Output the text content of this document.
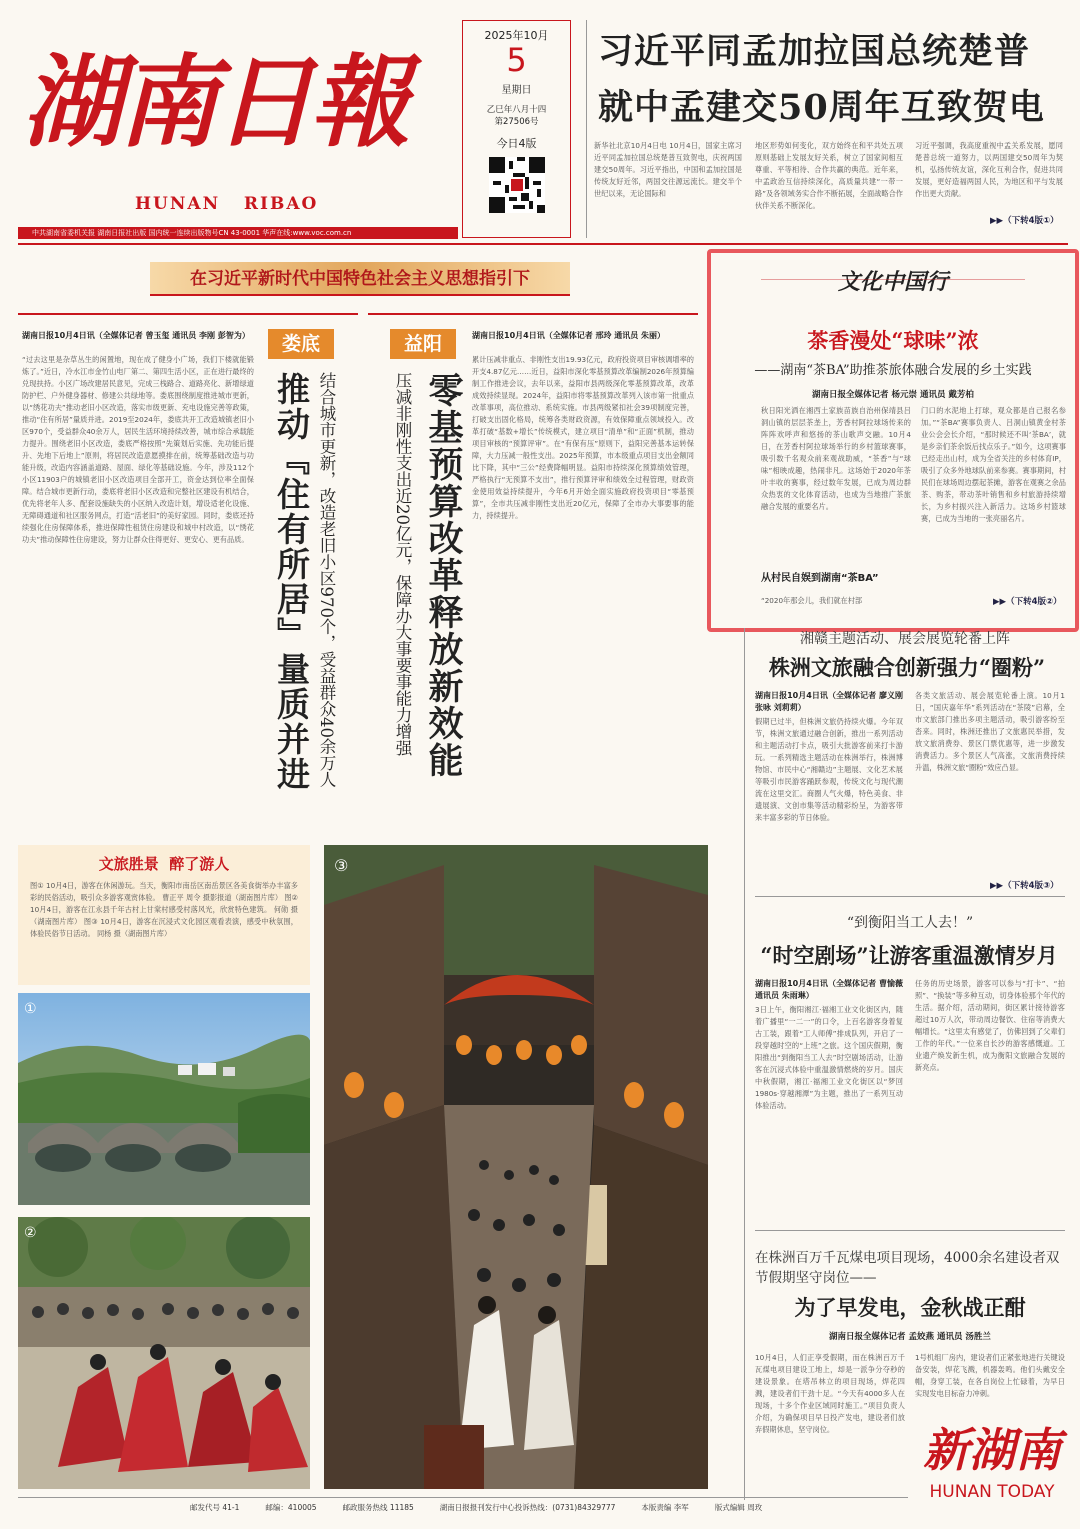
湖南日報
HUNAN   RIBAO
中共湖南省委机关报 湖南日报社出版 国内统一连续出版物号CN 43-0001 华声在线:www.voc.com.cn
2025年10月
5
星期日
乙巳年八月十四
第27506号
今日4版
习近平同孟加拉国总统楚普
就中孟建交50周年互致贺电
新华社北京10月4日电 10月4日，国家主席习近平同孟加拉国总统楚普互致贺电，庆祝两国建交50周年。习近平指出，中国和孟加拉国是传统友好近邻，两国交往源远流长。建交半个世纪以来，无论国际和
地区形势如何变化，双方始终在和平共处五项原则基础上发展友好关系，树立了国家间相互尊重、平等相待、合作共赢的典范。近年来，中孟政治互信持续深化，高质量共建“一带一路”及各领域务实合作不断拓展，全面战略合作伙伴关系不断深化。
习近平强调，我高度重视中孟关系发展，愿同楚普总统一道努力，以两国建交50周年为契机，弘扬传统友谊，深化互利合作，促进共同发展，更好造福两国人民，为地区和平与发展作出更大贡献。
▶▶（下转4版①）
在习近平新时代中国特色社会主义思想指引下
湖南日报10月4日讯（全媒体记者 曾玉玺 通讯员 李刚 彭智为）
“过去这里是杂草丛生的闲置地，现在成了健身小广场，我们下楼就能锻炼了。”近日，冷水江市金竹山电厂第二、第四生活小区，正在进行最终的兑现扶持。小区广场改建居民意见，完成三栈路合、道路亮化、新增绿道防护栏、户外健身器材、修建公共绿地等。娄底围绕制度推进城市更新，以“绣花功夫”推动老旧小区改造，落实市级更新、充电设施完善等政策，推动“住有所居”量质并进。2019至2024年，娄底共开工改造城镇老旧小区970个，受益群众40余万人，居民生活环境持续改善，城市综合承载能力提升。围绕老旧小区改造，娄底严格按照“先策划后实施、先功能后提升、先地下后地上”原则，将居民改造意愿摸排在前，统筹基础改造与功能升级，改造内容涵盖道路、屋面、绿化等基础设施。今年，涉及112个小区11903户的城镇老旧小区改造项目全部开工，资金达到位率全面保障。结合城市更新行动，娄底将老旧小区改造和完整社区建设有机结合，优先将老年人多、配套设施缺失的小区纳入改造计划，增设适老化设施、无障碍通道和社区服务网点，打造“活老旧”的美好家园。同时，娄底还持续强化住房保障体系，推进保障性租赁住房建设和城中村改造，以“绣花功夫”推动保障性住房建设，努力让群众住得更好、更安心、更有品质。
娄底
推动『住有所居』量质并进 结合城市更新，改造老旧小区970个，受益群众40余万人
益阳
压减非刚性支出近20亿元，保障办大事要事能力增强 零基预算改革释放新效能
湖南日报10月4日讯（全媒体记者 邢玲 通讯员 朱丽）
累计压减非重点、非刚性支出19.93亿元，政府投资项目审核调增率的开支4.87亿元……近日，益阳市深化零基预算改革编制2026年预算编制工作推进会议，去年以来，益阳市县两级深化零基预算改革，改革成效持续显现。2024年，益阳市将零基预算改革列入该市第一批重点改革事项，高位推动、系统实施。市县两级紧扣社会39项制度完善，打破支出固化格局，统筹各类财政资源，有效保障重点领域投入。改革打破“基数+增长”传统模式，建立项目“清单”和“正面”机制，推动项目审核的“预算评审”。在“有保有压”原则下，益阳完善基本运转保障，大力压减一般性支出。2025年预算，市本级重点项目支出金额同比下降，其中“三公”经费降幅明显。益阳市持续深化预算绩效管理，严格执行“无预算不支出”，推行预算评审和绩效全过程管理，财政资金使用效益持续提升，今年6月开始全面实施政府投资项目“零基预算”，全市共压减非刚性支出近20亿元，保障了全市办大事要事的能力，持续提升。
文化中国行
茶香漫处“球味”浓
——湖南“茶BA”助推茶旅体融合发展的乡土实践
湖南日报全媒体记者 杨元崇 通讯员 戴芳柏
秋日阳光洒在湘西土家族苗族自治州保靖县吕洞山镇的层层茶垄上，芳香村阿拉球场传来的阵阵欢呼声和悠扬的茶山歌声交融。10月4日，在芳香村阿拉球场举行的乡村篮球赛事，吸引数千名观众前来观战助威，“茶香”与“球味”相映成趣，热闹非凡。这场始于2020年茶叶丰收的赛事，经过数年发展，已成为周边群众热衷的文化体育活动，也成为当地推广茶旅融合发展的重要名片。
从村民自娱到湖南“茶BA”
“2020年那会儿，我们就在村部
门口的水泥地上打球，观众都是自己报名参加。”“茶BA”赛事负责人、吕洞山镇黄金村茶业公会会长介绍，“那时候还不叫‘茶BA’，就是乡亲们茶余饭后找点乐子。”如今，这项赛事已经走出山村，成为全省关注的乡村体育IP，吸引了众多外地球队前来参赛。赛事期间，村民们在球场周边摆起茶摊，游客在观赛之余品茶、购茶，带动茶叶销售和乡村旅游持续增长，为乡村振兴注入新活力。这场乡村篮球赛，已成为当地的一张亮丽名片。
▶▶（下转4版②）
湘赣主题活动、展会展览轮番上阵
株洲文旅融合创新强力“圈粉”
湖南日报10月4日讯（全媒体记者 廖义刚 张咏 刘莉莉）
假期已过半，但株洲文旅仍持续火爆。今年双节，株洲文旅通过融合创新，推出一系列活动和主题活动打卡点，吸引大批游客前来打卡游玩。一系列精选主题活动在株洲举行，株洲博物馆、市民中心“湘赣边”主题展、文化艺术展等吸引市民游客踊跃参观，传统文化与现代潮流在这里交汇。商圈人气火爆，特色美食、非遗展演、文创市集等活动精彩纷呈，为游客带来丰富多彩的节日体验。
各类文旅活动、展会展览轮番上演。10月1日，“国庆嘉年华”系列活动在“茶陵”启幕，全市文旅部门推出多项主题活动，吸引游客纷至沓来。同时，株洲还推出了文旅惠民举措，发放文旅消费券、景区门票优惠等，进一步激发消费活力。多个景区人气高涨，文旅消费持续升温，株洲文旅“圈粉”效应凸显。
▶▶（下转4版③）
“到衡阳当工人去！”
“时空剧场”让游客重温激情岁月
湖南日报10月4日讯（全媒体记者 曹愉薇 通讯员 朱雨琳）
3日上午，衡阳湘江·福湘工业文化街区内，随着广播里“一二一”的口令，上百名游客身着复古工装，跟着“工人师傅”排成队列，开启了一段穿越时空的“上班”之旅。这个国庆假期，衡阳推出“到衡阳当工人去”时空剧场活动，让游客在沉浸式体验中重温激情燃烧的岁月。国庆中秋假期，湘江·福湘工业文化街区以“梦回1980s·穿越湘潭”为主题，推出了一系列互动体验活动。
任务的历史场景，游客可以参与“打卡”、“拍照”、“换装”等多种互动，切身体验那个年代的生活。据介绍，活动期间，街区累计接待游客超过10万人次，带动周边餐饮、住宿等消费大幅增长。“这里太有感觉了，仿佛回到了父辈们工作的年代。”一位来自长沙的游客感慨道。工业遗产焕发新生机，成为衡阳文旅融合发展的新亮点。
在株洲百万千瓦煤电项目现场，4000余名建设者双节假期坚守岗位——
为了早发电，金秋战正酣
湖南日报全媒体记者 孟姣燕 通讯员 汤胜兰
10月4日，人们正享受假期，而在株洲百万千瓦煤电项目建设工地上，却是一派争分夺秒的建设景象。在塔吊林立的项目现场，焊花四溅，建设者们干劲十足。“今天有4000多人在现场，十多个作业区域同时施工。”项目负责人介绍，为确保项目早日投产发电，建设者们放弃假期休息，坚守岗位。
1号机组厂房内，建设者们正紧张地进行关键设备安装，焊花飞溅，机器轰鸣。他们头戴安全帽，身穿工装，在各自岗位上忙碌着，为早日实现发电目标奋力冲刺。
文旅胜景  醉了游人
图① 10月4日，游客在休闲游玩。当天，衡阳市南岳区南岳景区各美食街举办丰富多彩的民俗活动，吸引众多游客观赏体验。 曹正平 周令 摄影报道（湖南图片库） 图② 10月4日，游客在江永县千年古村上甘棠村感受村落风光，欣赏特色建筑。 何勋 摄（湖南图片库） 图③ 10月4日，游客在沉浸式文化园区观看表演，感受中秋氛围，体验民俗节日活动。 同杨 摄（湖南图片库）
①
②
③
新湖南
HUNAN TODAY
邮发代号 41-1	邮编：410005	邮政服务热线 11185	湖南日报报刊发行中心投诉热线：(0731)84329777	本版责编 李军	版式编辑 周玫
